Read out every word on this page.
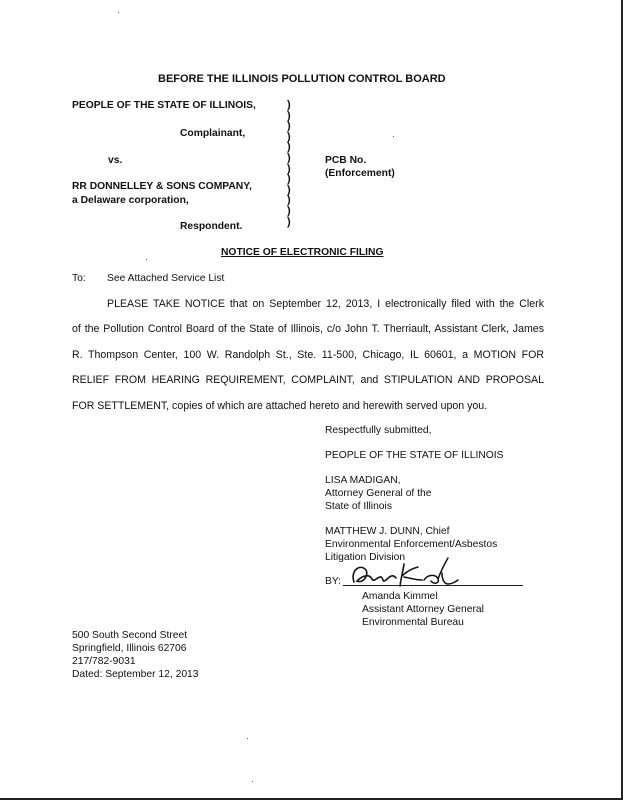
BEFORE THE ILLINOIS POLLUTION CONTROL BOARD
PEOPLE OF THE STATE OF ILLINOIS,
Complainant,
vs.
RR DONNELLEY & SONS COMPANY,
a Delaware corporation,
Respondent.
)
)
)
)
)
)
)
)
)
)
)
)
PCB No.
(Enforcement)
NOTICE OF ELECTRONIC FILING
To: See Attached Service List
PLEASE TAKE NOTICE that on September 12, 2013, I electronically filed with the Clerk
of the Pollution Control Board of the State of Illinois, c/o John T. Therriault, Assistant Clerk, James
R. Thompson Center, 100 W. Randolph St., Ste. 11-500, Chicago, IL 60601, a MOTION FOR
RELIEF FROM HEARING REQUIREMENT, COMPLAINT, and STIPULATION AND PROPOSAL
FOR SETTLEMENT, copies of which are attached hereto and herewith served upon you.
Respectfully submitted,
PEOPLE OF THE STATE OF ILLINOIS
LISA MADIGAN,
Attorney General of the
State of Illinois
MATTHEW J. DUNN, Chief
Environmental Enforcement/Asbestos
Litigation Division
BY:
Amanda Kimmel
Assistant Attorney General
Environmental Bureau
500 South Second Street
Springfield, Illinois 62706
217/782-9031
Dated: September 12, 2013
